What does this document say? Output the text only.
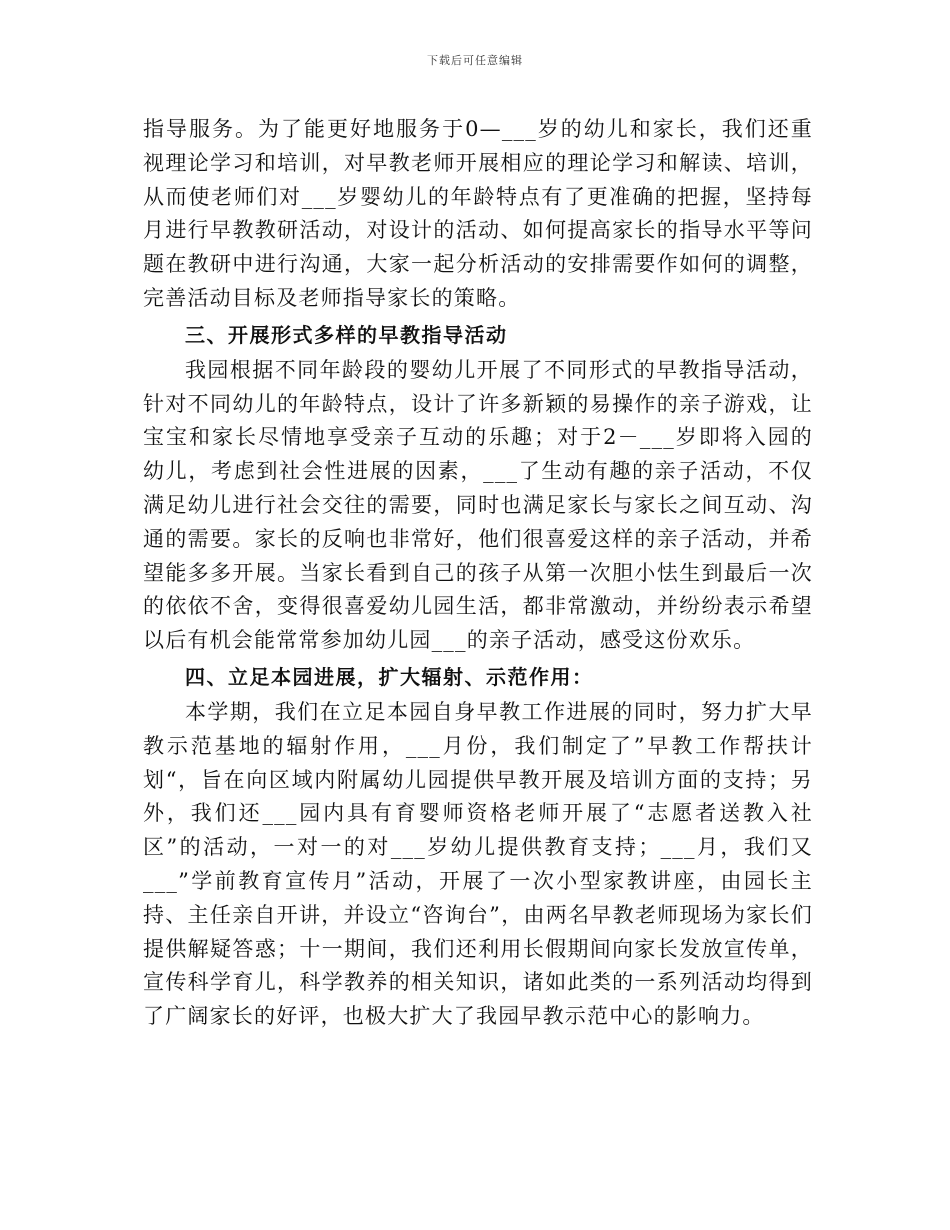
下载后可任意编辑

指导服务。为了能更好地服务于0—___岁的幼儿和家长，我们还重视理论学习和培训，对早教老师开展相应的理论学习和解读、培训，从而使老师们对___岁婴幼儿的年龄特点有了更准确的把握，坚持每月进行早教教研活动，对设计的活动、如何提高家长的指导水平等问题在教研中进行沟通，大家一起分析活动的安排需要作如何的调整，完善活动目标及老师指导家长的策略。

三、开展形式多样的早教指导活动

我园根据不同年龄段的婴幼儿开展了不同形式的早教指导活动，针对不同幼儿的年龄特点，设计了许多新颖的易操作的亲子游戏，让宝宝和家长尽情地享受亲子互动的乐趣；对于2－___岁即将入园的幼儿，考虑到社会性进展的因素，___了生动有趣的亲子活动，不仅满足幼儿进行社会交往的需要，同时也满足家长与家长之间互动、沟通的需要。家长的反响也非常好，他们很喜爱这样的亲子活动，并希望能多多开展。当家长看到自己的孩子从第一次胆小怯生到最后一次的依依不舍，变得很喜爱幼儿园生活，都非常激动，并纷纷表示希望以后有机会能常常参加幼儿园___的亲子活动，感受这份欢乐。

四、立足本园进展，扩大辐射、示范作用：

本学期，我们在立足本园自身早教工作进展的同时，努力扩大早教示范基地的辐射作用，___月份，我们制定了”早教工作帮扶计划“，旨在向区域内附属幼儿园提供早教开展及培训方面的支持；另外，我们还___园内具有育婴师资格老师开展了“志愿者送教入社区”的活动，一对一的对___岁幼儿提供教育支持；___月，我们又___”学前教育宣传月”活动，开展了一次小型家教讲座，由园长主持、主任亲自开讲，并设立“咨询台”，由两名早教老师现场为家长们提供解疑答惑；十一期间，我们还利用长假期间向家长发放宣传单，宣传科学育儿，科学教养的相关知识，诸如此类的一系列活动均得到了广阔家长的好评，也极大扩大了我园早教示范中心的影响力。
